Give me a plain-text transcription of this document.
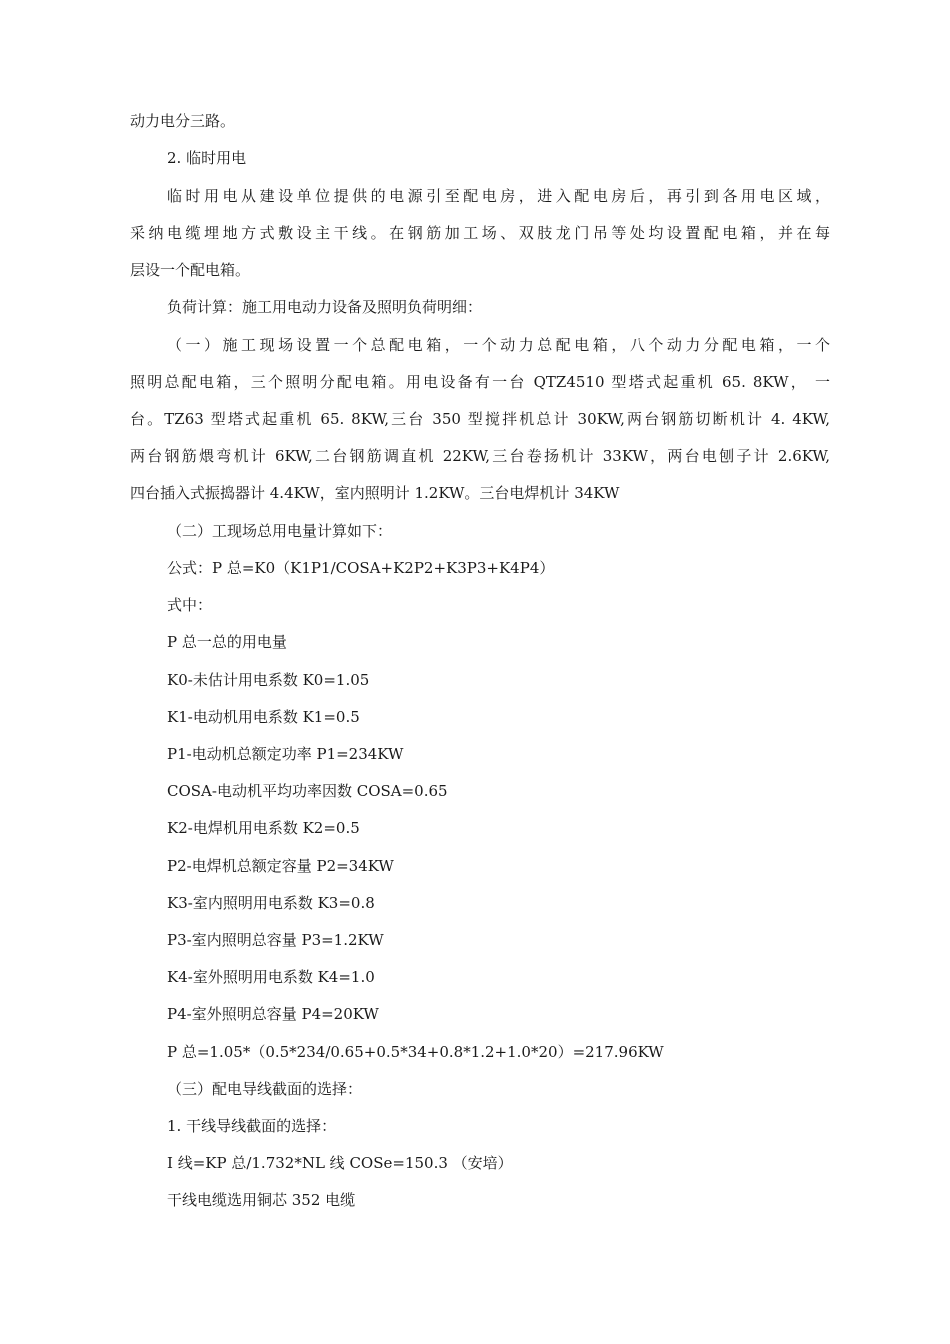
动力电分三路。
2. 临时用电
临时用电从建设单位提供的电源引至配电房，进入配电房后，再引到各用电区域，
采纳电缆埋地方式敷设主干线。在钢筋加工场、双肢龙门吊等处均设置配电箱，并在每
层设一个配电箱。
负荷计算：施工用电动力设备及照明负荷明细：
（一）施工现场设置一个总配电箱，一个动力总配电箱，八个动力分配电箱，一个
照明总配电箱，三个照明分配电箱。用电设备有一台 QTZ4510 型塔式起重机 65. 8KW， 一
台。TZ63 型塔式起重机 65. 8KW,三台 350 型搅拌机总计 30KW,两台钢筋切断机计 4. 4KW,
两台钢筋煨弯机计 6KW,二台钢筋调直机 22KW,三台卷扬机计 33KW，两台电刨子计 2.6KW,
四台插入式振捣器计 4.4KW，室内照明计 1.2KW。三台电焊机计 34KW
（二）工现场总用电量计算如下：
公式：P 总=K0（K1P1/COSA+K2P2+K3P3+K4P4）
式中：
P 总一总的用电量
K0-未估计用电系数 K0=1.05
K1-电动机用电系数 K1=0.5
P1-电动机总额定功率 P1=234KW
COSA-电动机平均功率因数 COSA=0.65
K2-电焊机用电系数 K2=0.5
P2-电焊机总额定容量 P2=34KW
K3-室内照明用电系数 K3=0.8
P3-室内照明总容量 P3=1.2KW
K4-室外照明用电系数 K4=1.0
P4-室外照明总容量 P4=20KW
P 总=1.05*（0.5*234/0.65+0.5*34+0.8*1.2+1.0*20）=217.96KW
（三）配电导线截面的选择：
1. 干线导线截面的选择：
I 线=KP 总/1.732*NL 线 COSe=150.3 （安培）
干线电缆选用铜芯 352 电缆
